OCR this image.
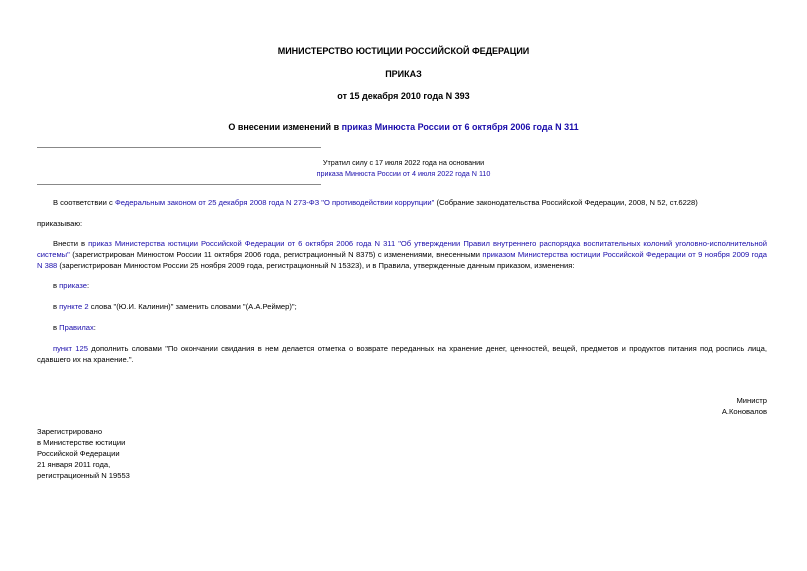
МИНИСТЕРСТВО ЮСТИЦИИ РОССИЙСКОЙ ФЕДЕРАЦИИ
ПРИКАЗ
от 15 декабря 2010 года N 393
О внесении изменений в приказ Минюста России от 6 октября 2006 года N 311
Утратил силу с 17 июля 2022 года на основании
приказа Минюста России от 4 июля 2022 года N 110
В соответствии с Федеральным законом от 25 декабря 2008 года N 273-ФЗ "О противодействии коррупции" (Собрание законодательства Российской Федерации, 2008, N 52, ст.6228)
приказываю:
Внести в приказ Министерства юстиции Российской Федерации от 6 октября 2006 года N 311 "Об утверждении Правил внутреннего распорядка воспитательных колоний уголовно-исполнительной системы" (зарегистрирован Минюстом России 11 октября 2006 года, регистрационный N 8375) с изменениями, внесенными приказом Министерства юстиции Российской Федерации от 9 ноября 2009 года N 388 (зарегистрирован Минюстом России 25 ноября 2009 года, регистрационный N 15323), и в Правила, утвержденные данным приказом, изменения:
в приказе:
в пункте 2 слова "(Ю.И. Калинин)" заменить словами "(А.А.Реймер)";
в Правилах:
пункт 125 дополнить словами "По окончании свидания в нем делается отметка о возврате переданных на хранение денег, ценностей, вещей, предметов и продуктов питания под роспись лица, сдавшего их на хранение.".
Министр
А.Коновалов
Зарегистрировано
в Министерстве юстиции
Российской Федерации
21 января 2011 года,
регистрационный N 19553
